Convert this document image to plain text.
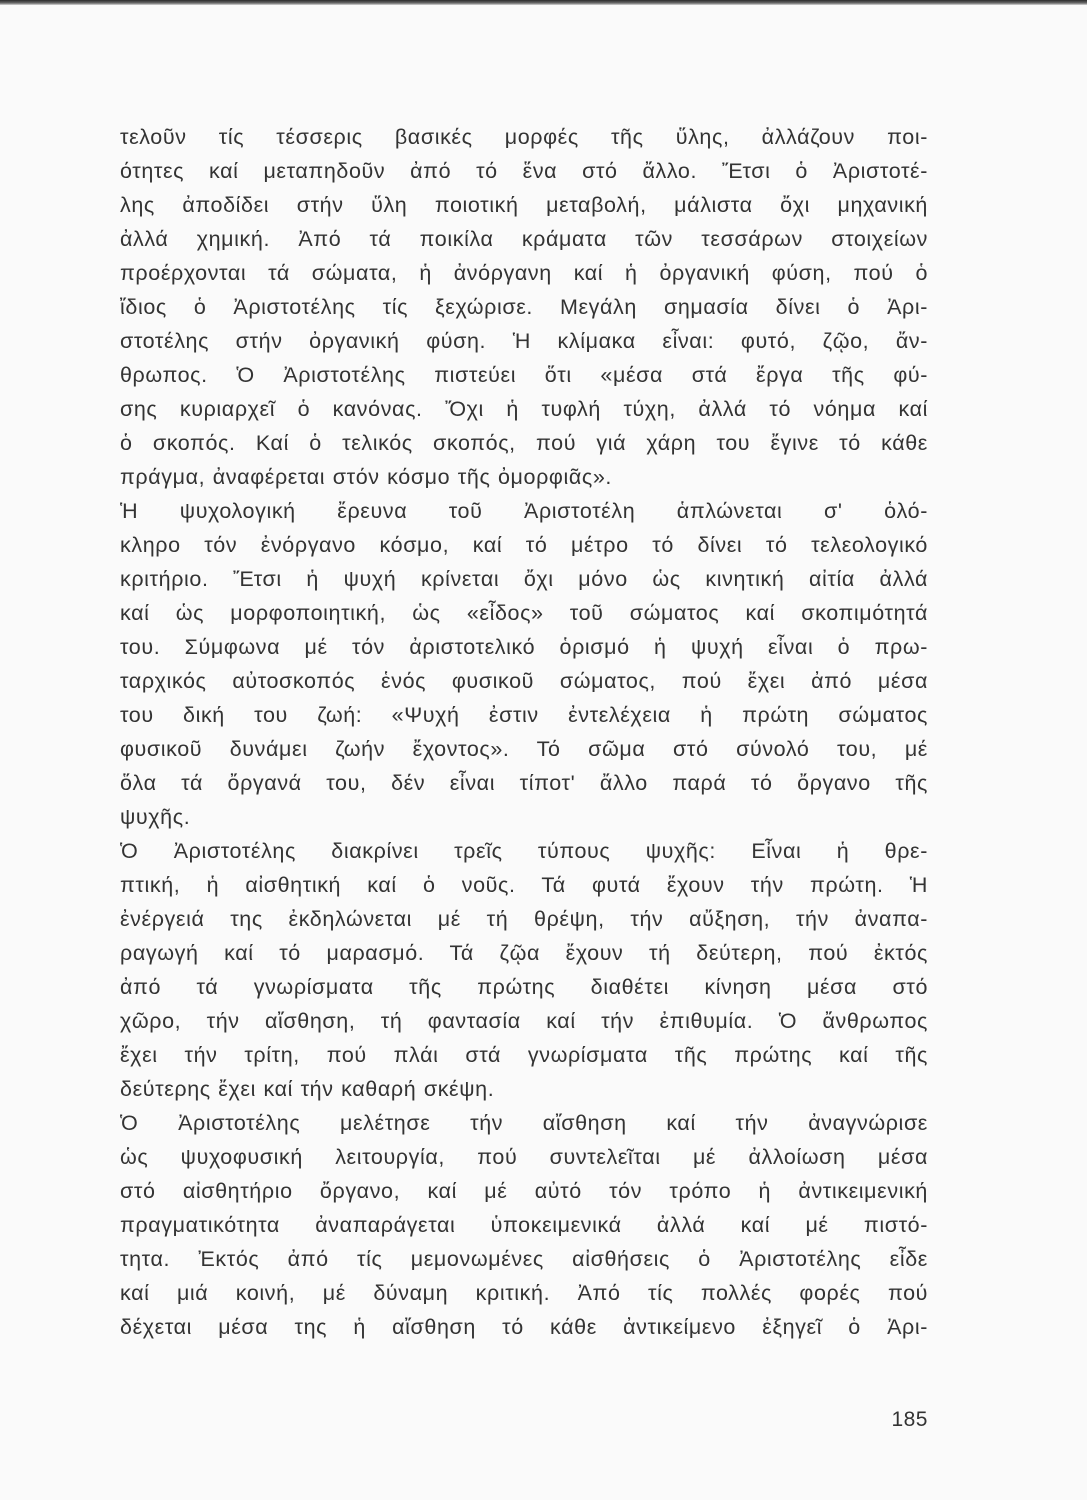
τελοῦν τίς τέσσερις βασικές μορφές τῆς ὕλης, ἀλλάζουν ποι-

ότητες καί μεταπηδοῦν ἀπό τό ἕνα στό ἄλλο. Ἔτσι ὁ Ἀριστοτέ-

λης ἀποδίδει στήν ὕλη ποιοτική μεταβολή, μάλιστα ὄχι μηχανική

ἀλλά χημική. Ἀπό τά ποικίλα κράματα τῶν τεσσάρων στοιχείων

προέρχονται τά σώματα, ἡ ἀνόργανη καί ἡ ὀργανική φύση, πού ὁ

ἴδιος ὁ Ἀριστοτέλης τίς ξεχώρισε. Μεγάλη σημασία δίνει ὁ Ἀρι-

στοτέλης στήν ὀργανική φύση. Ἡ κλίμακα εἶναι: φυτό, ζῷο, ἄν-

θρωπος. Ὁ Ἀριστοτέλης πιστεύει ὅτι «μέσα στά ἔργα τῆς φύ-

σης κυριαρχεῖ ὁ κανόνας. Ὄχι ἡ τυφλή τύχη, ἀλλά τό νόημα καί

ὁ σκοπός. Καί ὁ τελικός σκοπός, πού γιά χάρη του ἔγινε τό κάθε

πράγμα, ἀναφέρεται στόν κόσμο τῆς ὀμορφιᾶς».

Ἡ ψυχολογική ἔρευνα τοῦ Ἀριστοτέλη ἁπλώνεται σ' ὁλό-

κληρο τόν ἐνόργανο κόσμο, καί τό μέτρο τό δίνει τό τελεολογικό

κριτήριο. Ἔτσι ἡ ψυχή κρίνεται ὄχι μόνο ὡς κινητική αἰτία ἀλλά

καί ὡς μορφοποιητική, ὡς «εἶδος» τοῦ σώματος καί σκοπιμότητά

του. Σύμφωνα μέ τόν ἀριστοτελικό ὁρισμό ἡ ψυχή εἶναι ὁ πρω-

ταρχικός αὐτοσκοπός ἑνός φυσικοῦ σώματος, πού ἔχει ἀπό μέσα

του δική του ζωή: «Ψυχή ἐστιν ἐντελέχεια ἡ πρώτη σώματος

φυσικοῦ δυνάμει ζωήν ἔχοντος». Τό σῶμα στό σύνολό του, μέ

ὅλα τά ὄργανά του, δέν εἶναι τίποτ' ἄλλο παρά τό ὄργανο τῆς

ψυχῆς.

Ὁ Ἀριστοτέλης διακρίνει τρεῖς τύπους ψυχῆς: Εἶναι ἡ θρε-

πτική, ἡ αἰσθητική καί ὁ νοῦς. Τά φυτά ἔχουν τήν πρώτη. Ἡ

ἐνέργειά της ἐκδηλώνεται μέ τή θρέψη, τήν αὔξηση, τήν ἀναπα-

ραγωγή καί τό μαρασμό. Τά ζῷα ἔχουν τή δεύτερη, πού ἐκτός

ἀπό τά γνωρίσματα τῆς πρώτης διαθέτει κίνηση μέσα στό

χῶρο, τήν αἴσθηση, τή φαντασία καί τήν ἐπιθυμία. Ὁ ἄνθρωπος

ἔχει τήν τρίτη, πού πλάι στά γνωρίσματα τῆς πρώτης καί τῆς

δεύτερης ἔχει καί τήν καθαρή σκέψη.

Ὁ Ἀριστοτέλης μελέτησε τήν αἴσθηση καί τήν ἀναγνώρισε

ὡς ψυχοφυσική λειτουργία, πού συντελεῖται μέ ἀλλοίωση μέσα

στό αἰσθητήριο ὄργανο, καί μέ αὐτό τόν τρόπο ἡ ἀντικειμενική

πραγματικότητα ἀναπαράγεται ὑποκειμενικά ἀλλά καί μέ πιστό-

τητα. Ἐκτός ἀπό τίς μεμονωμένες αἰσθήσεις ὁ Ἀριστοτέλης εἶδε

καί μιά κοινή, μέ δύναμη κριτική. Ἀπό τίς πολλές φορές πού

δέχεται μέσα της ἡ αἴσθηση τό κάθε ἀντικείμενο ἐξηγεῖ ὁ Ἀρι-

185
